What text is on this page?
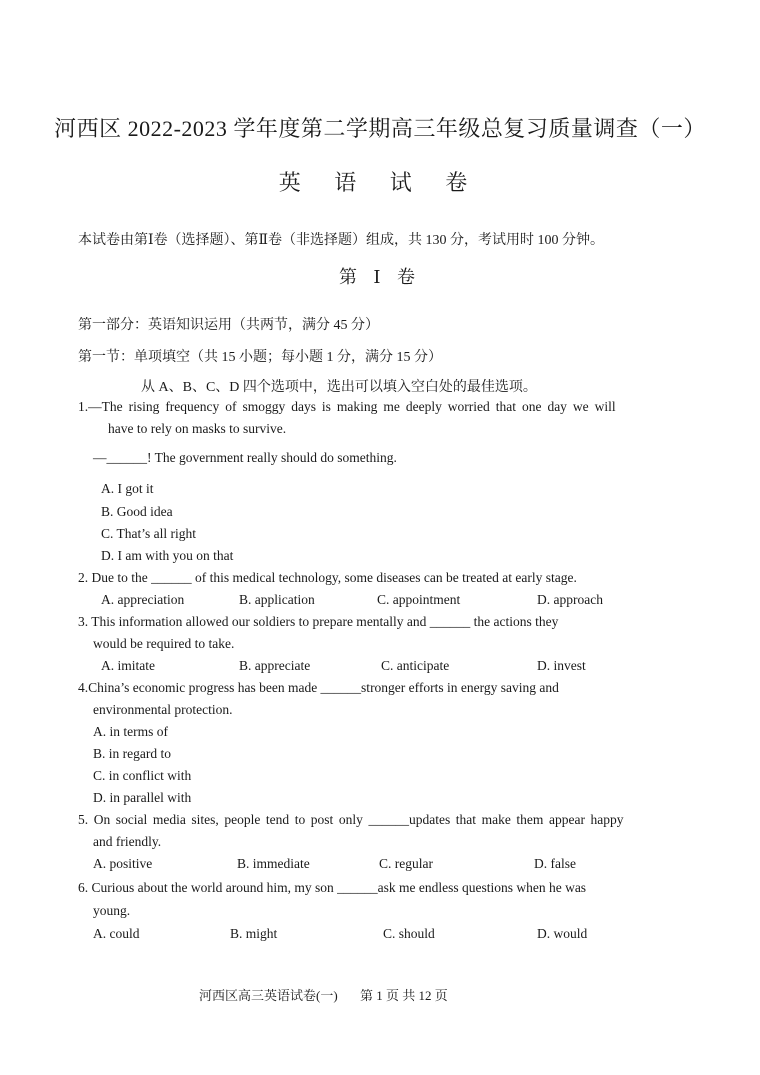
河西区 2022-2023 学年度第二学期高三年级总复习质量调查（一）
英 语 试 卷
本试卷由第Ⅰ卷（选择题）、第Ⅱ卷（非选择题）组成，共 130 分，考试用时 100 分钟。
第 Ⅰ 卷
第一部分：英语知识运用（共两节，满分 45 分）
第一节：单项填空（共 15 小题；每小题 1 分，满分 15 分）
从 A、B、C、D 四个选项中，选出可以填入空白处的最佳选项。
1.—The rising frequency of smoggy days is making me deeply worried that one day we will
have to rely on masks to survive.
—______! The government really should do something.
A. I got it
B. Good idea
C. That’s all right
D. I am with you on that
2. Due to the ______ of this medical technology, some diseases can be treated at early stage.
A. appreciation	B. application	C. appointment	D. approach
3. This information allowed our soldiers to prepare mentally and ______ the actions they
would be required to take.
A. imitate	B. appreciate	C. anticipate	D. invest
4.China’s economic progress has been made ______stronger efforts in energy saving and
environmental protection.
A. in terms of
B. in regard to
C. in conflict with
D. in parallel with
5. On social media sites, people tend to post only ______updates that make them appear happy
and friendly.
A. positive	B. immediate	C. regular	D. false
6. Curious about the world around him, my son ______ask me endless questions when he was
young.
A. could	B. might	C. should	D. would
河西区高三英语试卷(一) 第 1 页 共 12 页
